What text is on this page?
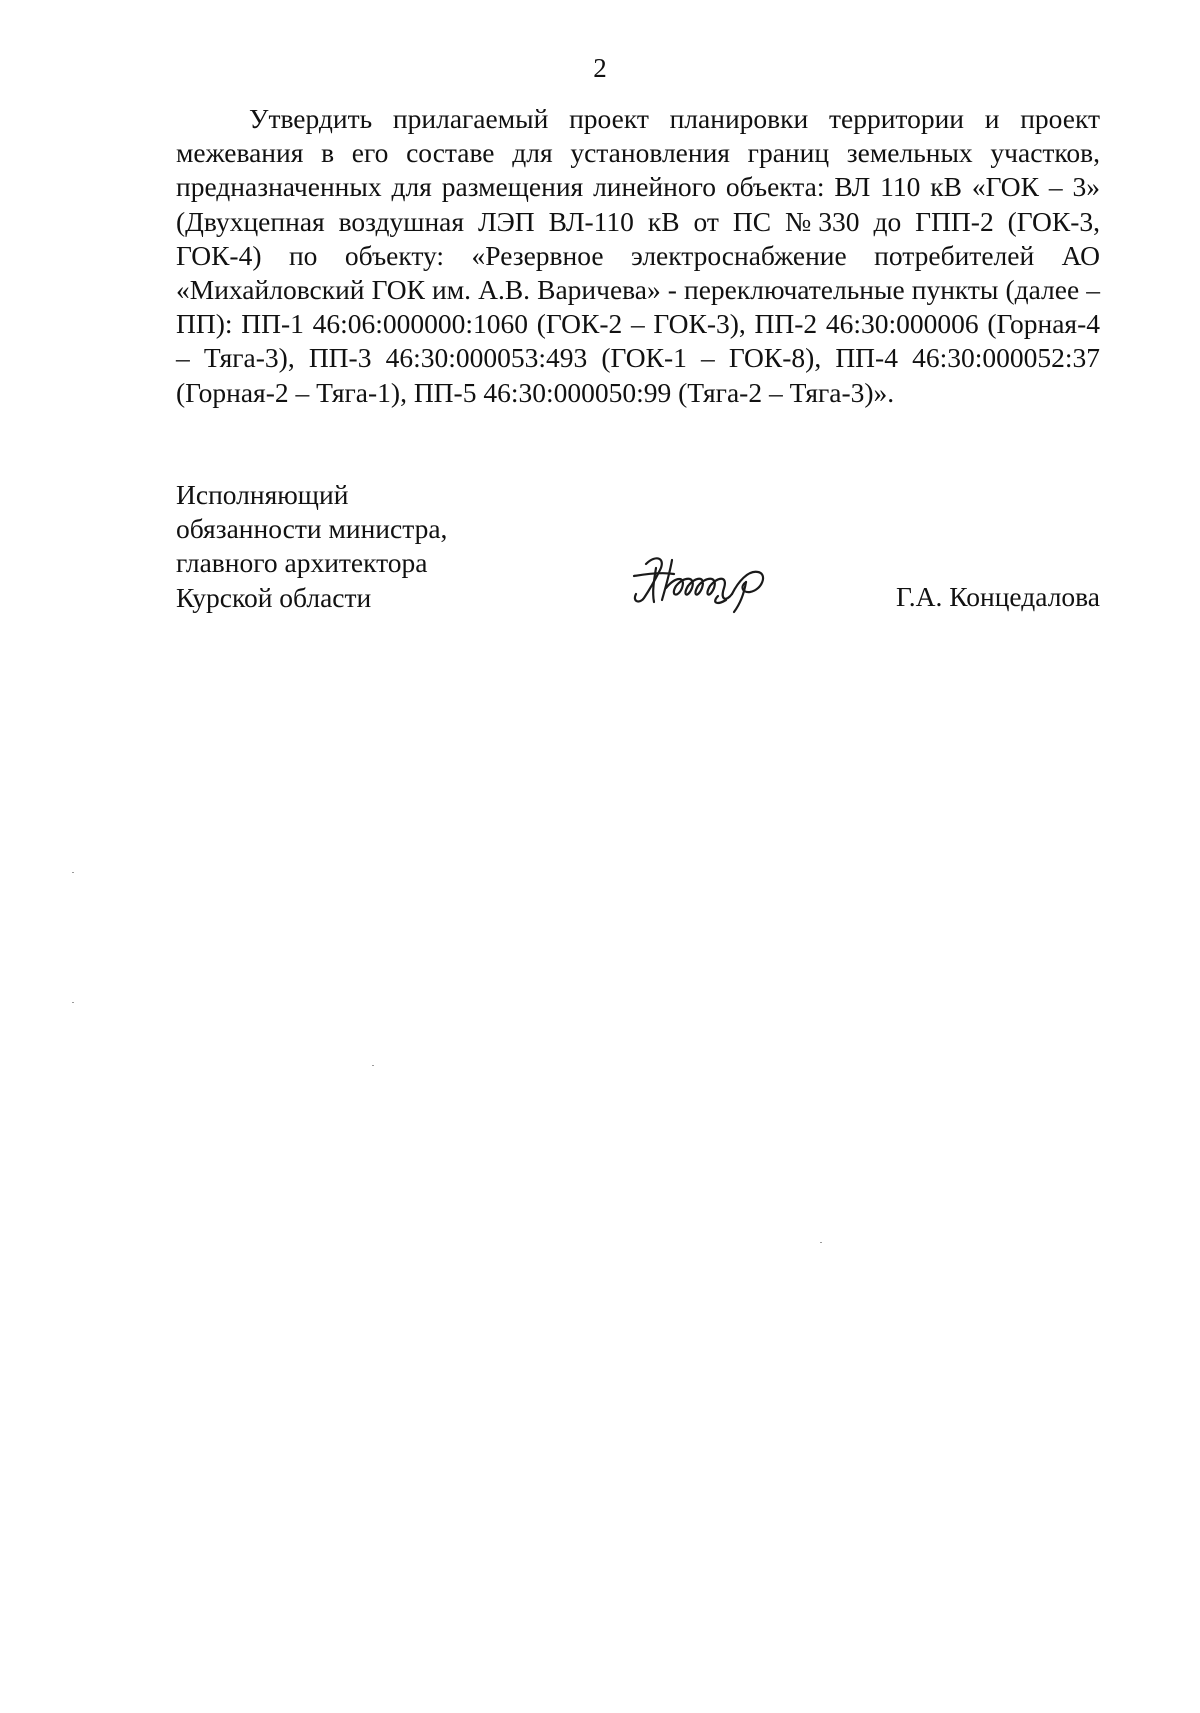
2

Утвердить прилагаемый проект планировки территории и проект межевания в его составе для установления границ земельных участков, предназначенных для размещения линейного объекта: ВЛ 110 кВ «ГОК – 3» (Двухцепная воздушная ЛЭП ВЛ-110 кВ от ПС №330 до ГПП-2 (ГОК-3, ГОК-4) по объекту: «Резервное электроснабжение потребителей АО «Михайловский ГОК им. А.В. Варичева» - переключательные пункты (далее – ПП): ПП-1 46:06:000000:1060 (ГОК-2 – ГОК-3), ПП-2 46:30:000006 (Горная-4 – Тяга-3), ПП-3 46:30:000053:493 (ГОК-1 – ГОК-8), ПП-4 46:30:000052:37 (Горная-2 – Тяга-1), ПП-5 46:30:000050:99 (Тяга-2 – Тяга-3)».

Исполняющий
обязанности министра,
главного архитектора
Курской области	Г.А. Концедалова
